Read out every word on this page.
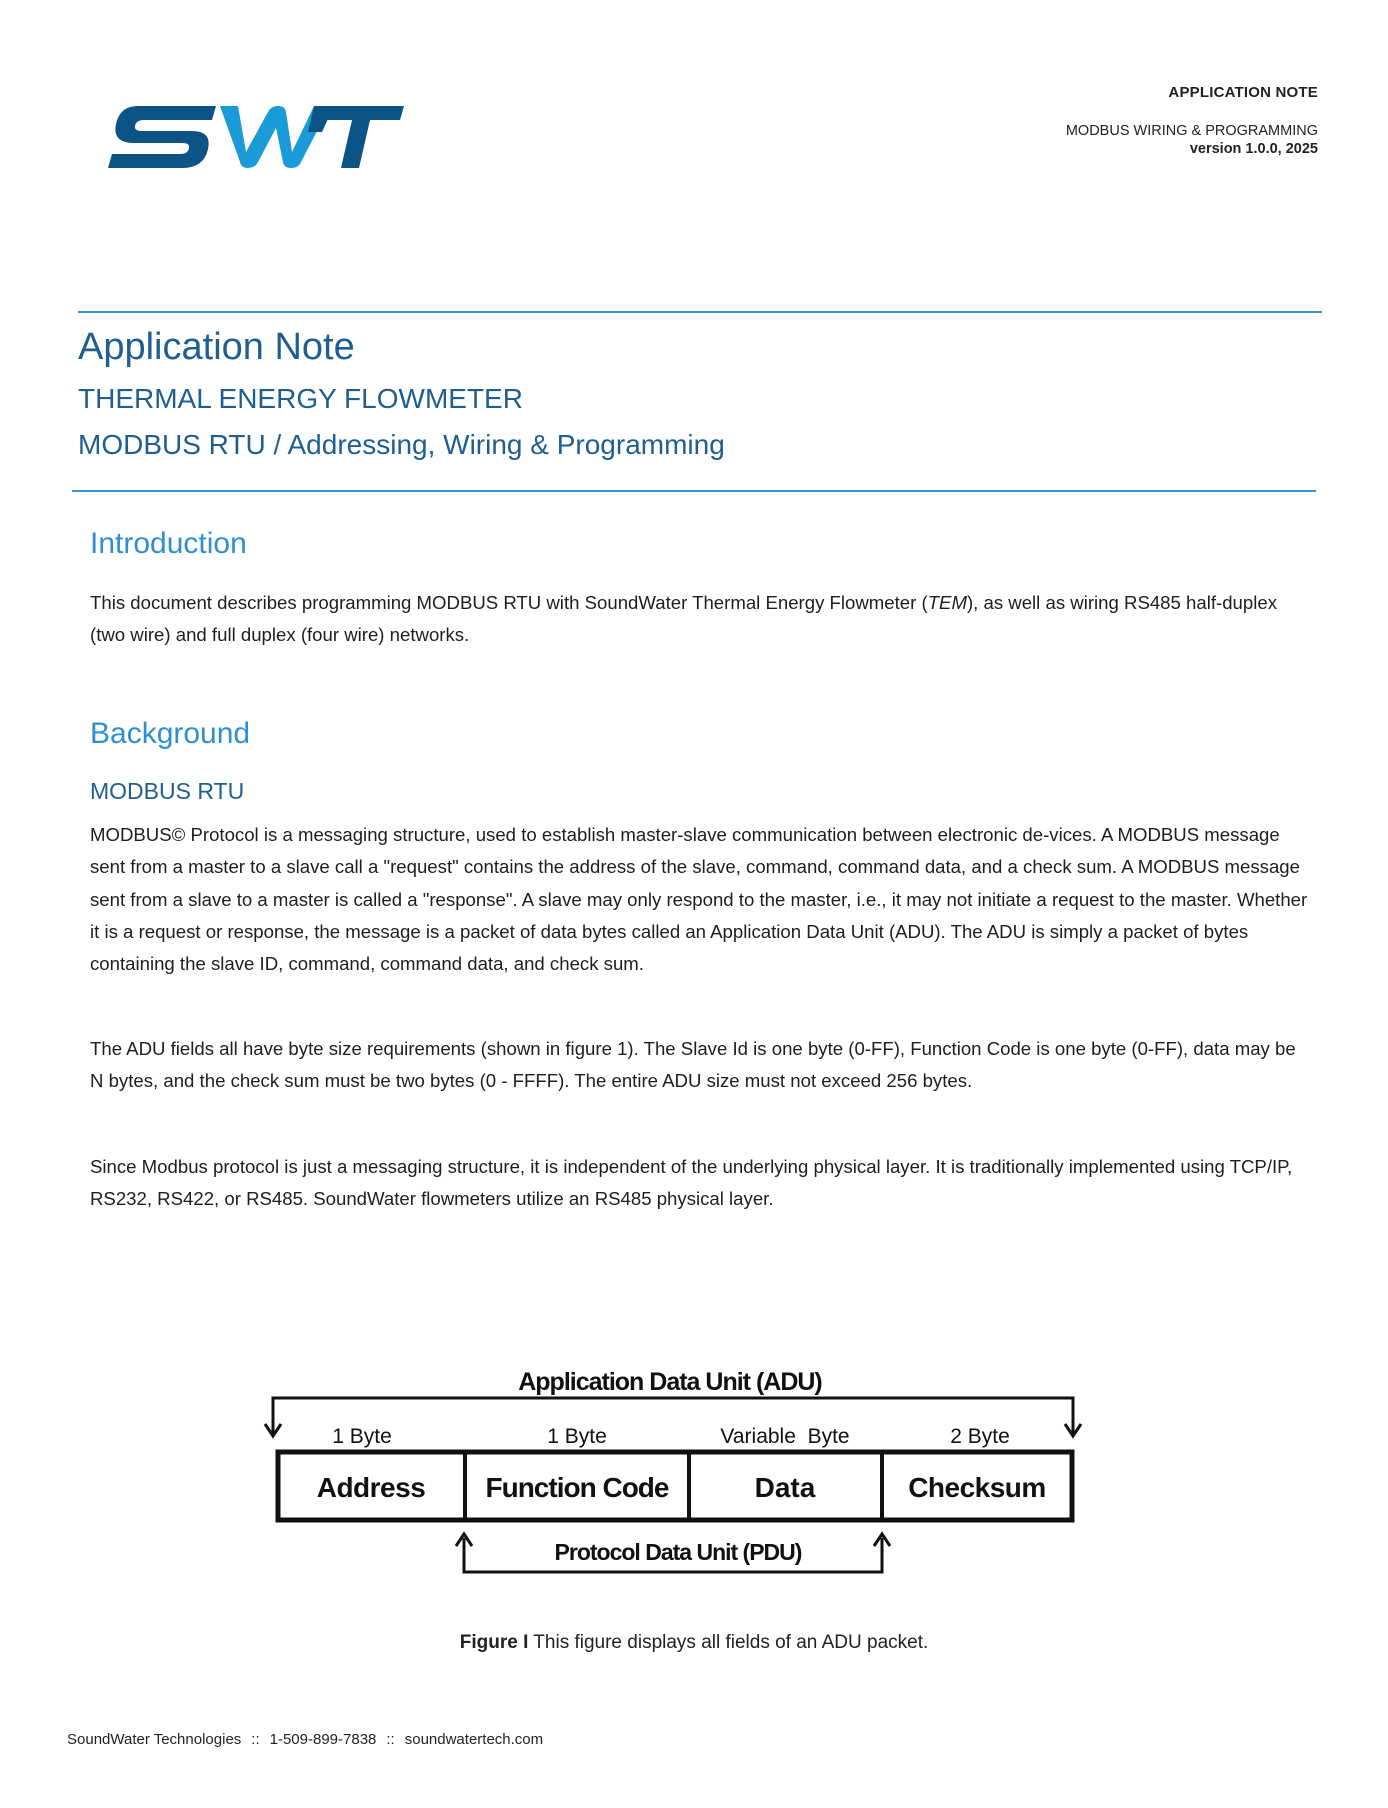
APPLICATION NOTE
MODBUS WIRING & PROGRAMMING
version 1.0.0, 2025
Application Note
THERMAL ENERGY FLOWMETER
MODBUS RTU / Addressing, Wiring & Programming
Introduction
This document describes programming MODBUS RTU with SoundWater Thermal Energy Flowmeter (TEM), as well as wiring RS485 half-duplex (two wire) and full duplex (four wire) networks.
Background
MODBUS RTU
MODBUS© Protocol is a messaging structure, used to establish master-slave communication between electronic de-vices. A MODBUS message sent from a master to a slave call a "request" contains the address of the slave, command, command data, and a check sum. A MODBUS message sent from a slave to a master is called a "response". A slave may only respond to the master, i.e., it may not initiate a request to the master. Whether it is a request or response, the message is a packet of data bytes called an Application Data Unit (ADU). The ADU is simply a packet of bytes containing the slave ID, command, command data, and check sum.
The ADU fields all have byte size requirements (shown in figure 1). The Slave Id is one byte (0-FF), Function Code is one byte (0-FF), data may be N bytes, and the check sum must be two bytes (0 - FFFF). The entire ADU size must not exceed 256 bytes.
Since Modbus protocol is just a messaging structure, it is independent of the underlying physical layer. It is traditionally implemented using TCP/IP, RS232, RS422, or RS485. SoundWater flowmeters utilize an RS485 physical layer.
Application Data Unit (ADU)
1 Byte	1 Byte	Variable  Byte	2 Byte
Address Function Code	Data	Checksum
Protocol Data Unit (PDU)
Figure I This figure displays all fields of an ADU packet.
SoundWater Technologies :: 1-509-899-7838 :: soundwatertech.com
